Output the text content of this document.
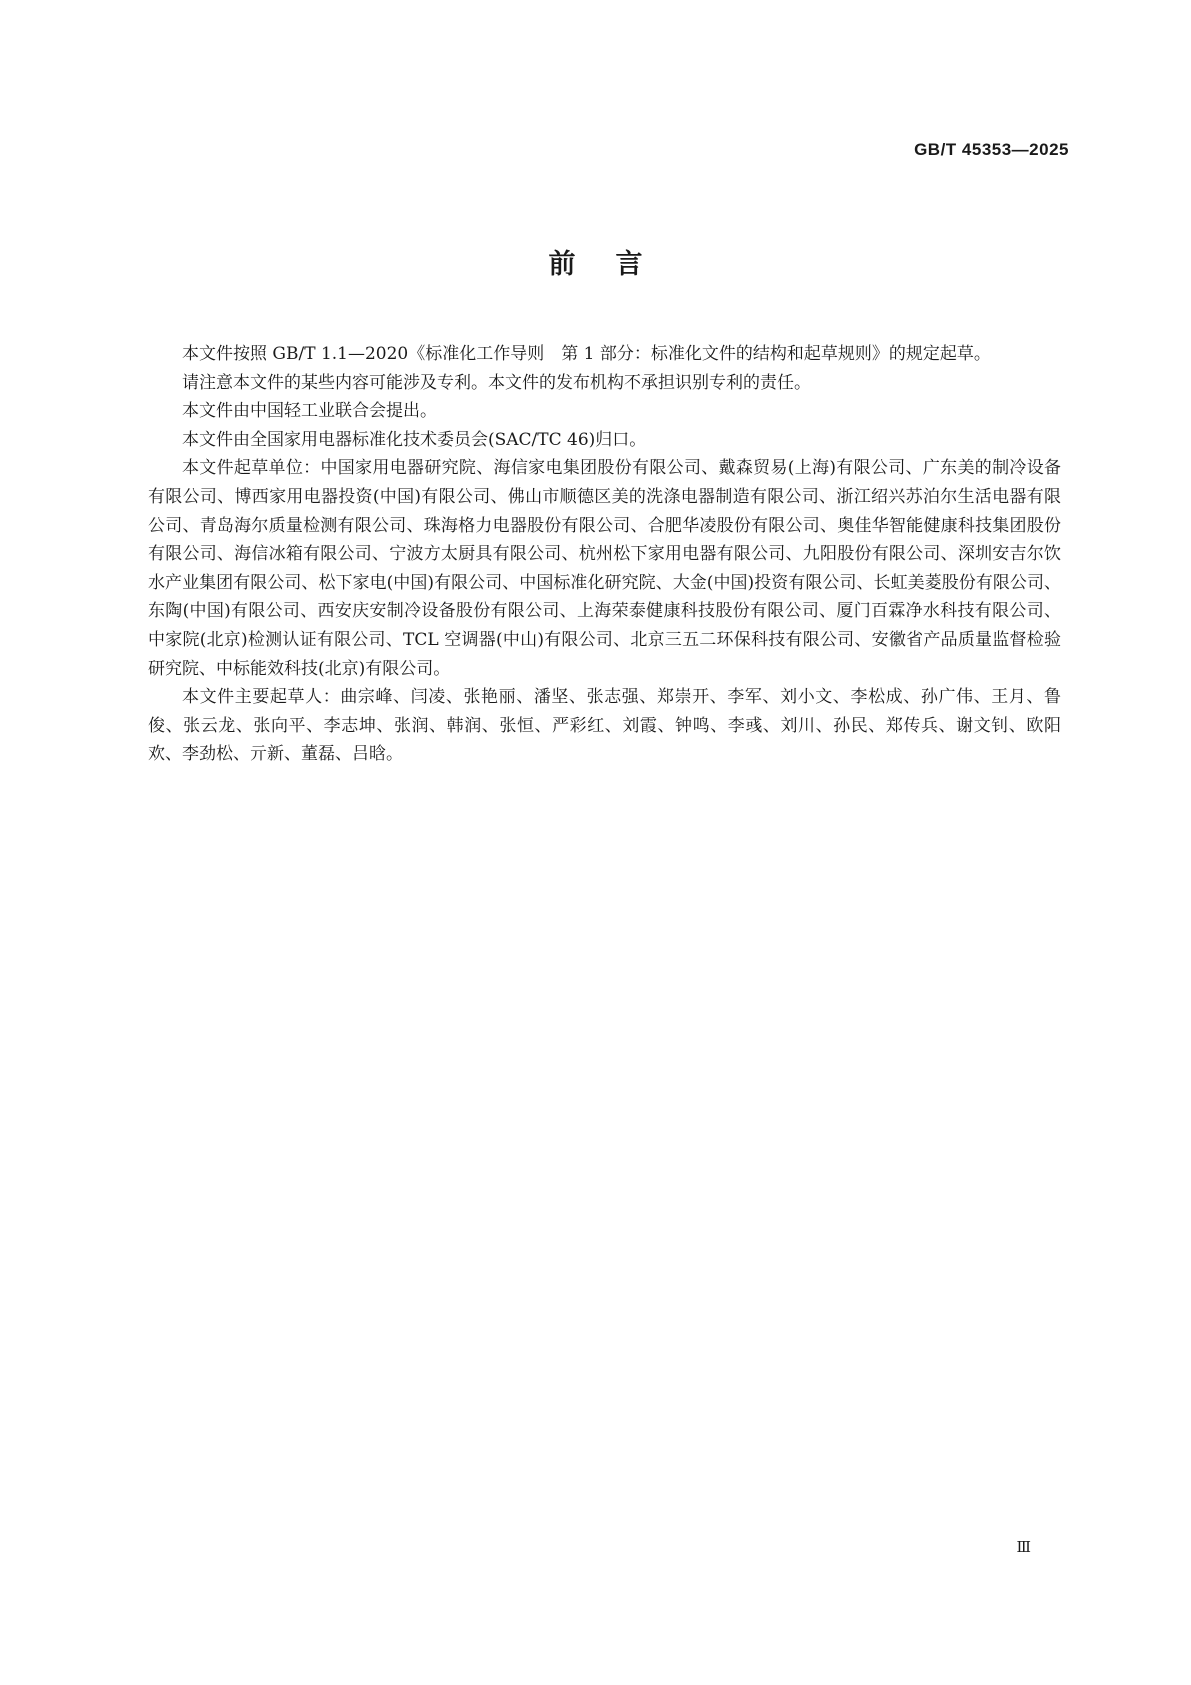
GB/T 45353—2025
前言

本文件按照 GB/T 1.1—2020《标准化工作导则　第 1 部分：标准化文件的结构和起草规则》的规定起草。

请注意本文件的某些内容可能涉及专利。本文件的发布机构不承担识别专利的责任。

本文件由中国轻工业联合会提出。

本文件由全国家用电器标准化技术委员会(SAC/TC 46)归口。

本文件起草单位：中国家用电器研究院、海信家电集团股份有限公司、戴森贸易(上海)有限公司、广东美的制冷设备有限公司、博西家用电器投资(中国)有限公司、佛山市顺德区美的洗涤电器制造有限公司、浙江绍兴苏泊尔生活电器有限公司、青岛海尔质量检测有限公司、珠海格力电器股份有限公司、合肥华凌股份有限公司、奥佳华智能健康科技集团股份有限公司、海信冰箱有限公司、宁波方太厨具有限公司、杭州松下家用电器有限公司、九阳股份有限公司、深圳安吉尔饮水产业集团有限公司、松下家电(中国)有限公司、中国标准化研究院、大金(中国)投资有限公司、长虹美菱股份有限公司、东陶(中国)有限公司、西安庆安制冷设备股份有限公司、上海荣泰健康科技股份有限公司、厦门百霖净水科技有限公司、中家院(北京)检测认证有限公司、TCL 空调器(中山)有限公司、北京三五二环保科技有限公司、安徽省产品质量监督检验研究院、中标能效科技(北京)有限公司。

本文件主要起草人：曲宗峰、闫凌、张艳丽、潘坚、张志强、郑崇开、李军、刘小文、李松成、孙广伟、王月、鲁俊、张云龙、张向平、李志坤、张润、韩润、张恒、严彩红、刘霞、钟鸣、李彧、刘川、孙民、郑传兵、谢文钊、欧阳欢、李劲松、亓新、董磊、吕晗。

Ⅲ
